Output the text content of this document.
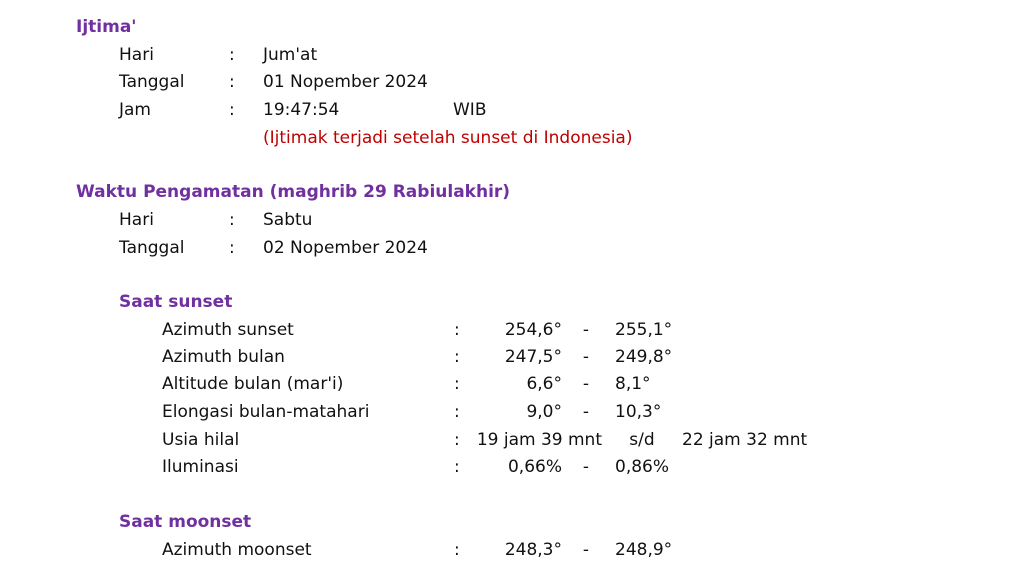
Ijtima'
Hari	: Jum'at
Tanggal	: 01 Nopember 2024
Jam	: 19:47:54	WIB
(Ijtimak terjadi setelah sunset di Indonesia)
Waktu Pengamatan (maghrib 29 Rabiulakhir)
Hari	: Sabtu
Tanggal	: 02 Nopember 2024
Saat sunset
Azimuth sunset	:	254,6°	-	255,1°
Azimuth bulan	:	247,5°	-	249,8°
Altitude bulan (mar'i)	:	6,6°	-	8,1°
Elongasi bulan-matahari	:	9,0°	-	10,3°
Usia hilal	:	19 jam 39 mnt	s/d	22 jam 32 mnt
Iluminasi	:	0,66%	-	0,86%
Saat moonset
Azimuth moonset	:	248,3°	-	248,9°
